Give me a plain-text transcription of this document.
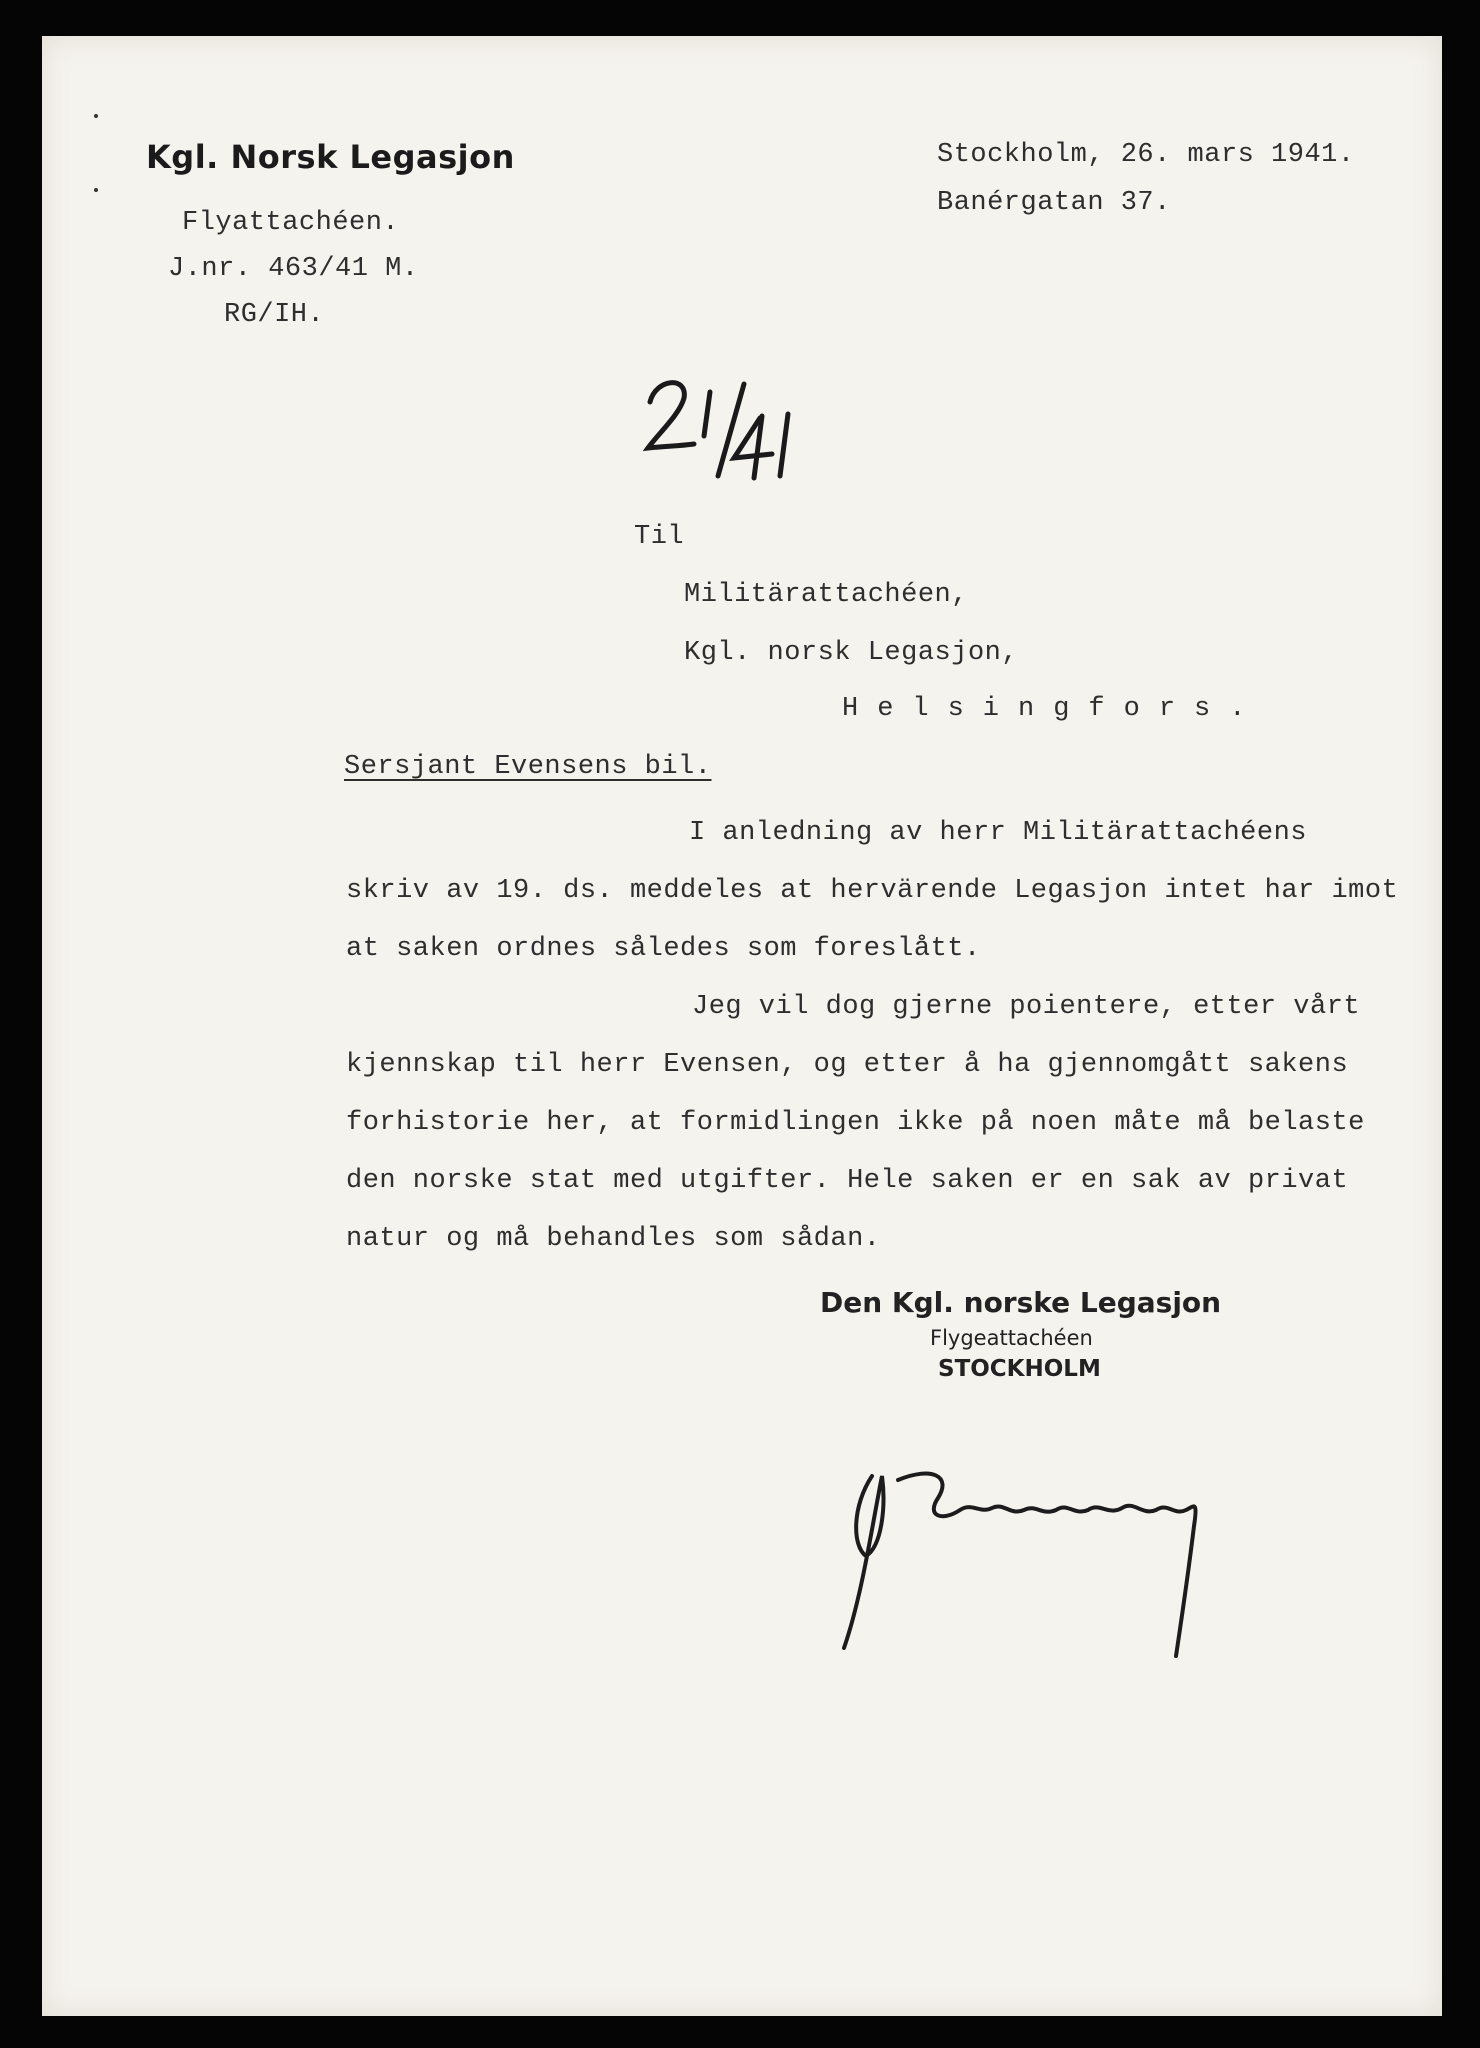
Kgl. Norsk Legasjon
Flyattachéen.
J.nr. 463/41 M.
RG/IH.
Stockholm, 26. mars 1941.
Banérgatan 37.
21/41
Til
Militärattachéen,
Kgl. norsk Legasjon,
Helsingfors.
Sersjant Evensens bil.
I anledning av herr Militärattachéens
skriv av 19. ds. meddeles at hervärende Legasjon intet har imot
at saken ordnes således som foreslått.
Jeg vil dog gjerne poientere, etter vårt
kjennskap til herr Evensen, og etter å ha gjennomgått sakens
forhistorie her, at formidlingen ikke på noen måte må belaste
den norske stat med utgifter. Hele saken er en sak av privat
natur og må behandles som sådan.
Den Kgl. norske Legasjon
Flygeattachéen
STOCKHOLM
